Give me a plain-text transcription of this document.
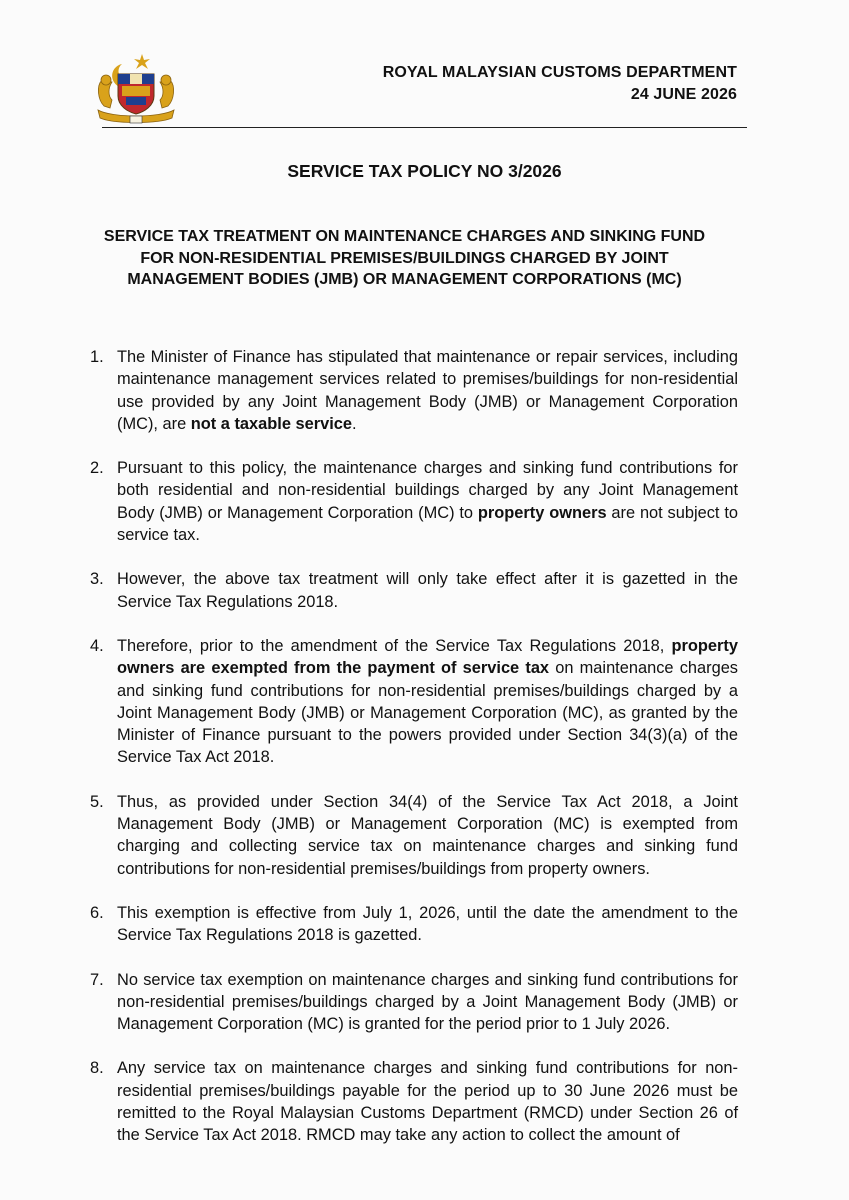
ROYAL MALAYSIAN CUSTOMS DEPARTMENT
24 JUNE 2026
SERVICE TAX POLICY NO 3/2026
SERVICE TAX TREATMENT ON MAINTENANCE CHARGES AND SINKING FUND FOR NON-RESIDENTIAL PREMISES/BUILDINGS CHARGED BY JOINT MANAGEMENT BODIES (JMB) OR MANAGEMENT CORPORATIONS (MC)
1. The Minister of Finance has stipulated that maintenance or repair services, including maintenance management services related to premises/buildings for non-residential use provided by any Joint Management Body (JMB) or Management Corporation (MC), are not a taxable service.
2. Pursuant to this policy, the maintenance charges and sinking fund contributions for both residential and non-residential buildings charged by any Joint Management Body (JMB) or Management Corporation (MC) to property owners are not subject to service tax.
3. However, the above tax treatment will only take effect after it is gazetted in the Service Tax Regulations 2018.
4. Therefore, prior to the amendment of the Service Tax Regulations 2018, property owners are exempted from the payment of service tax on maintenance charges and sinking fund contributions for non-residential premises/buildings charged by a Joint Management Body (JMB) or Management Corporation (MC), as granted by the Minister of Finance pursuant to the powers provided under Section 34(3)(a) of the Service Tax Act 2018.
5. Thus, as provided under Section 34(4) of the Service Tax Act 2018, a Joint Management Body (JMB) or Management Corporation (MC) is exempted from charging and collecting service tax on maintenance charges and sinking fund contributions for non-residential premises/buildings from property owners.
6. This exemption is effective from July 1, 2026, until the date the amendment to the Service Tax Regulations 2018 is gazetted.
7. No service tax exemption on maintenance charges and sinking fund contributions for non-residential premises/buildings charged by a Joint Management Body (JMB) or Management Corporation (MC) is granted for the period prior to 1 July 2026.
8. Any service tax on maintenance charges and sinking fund contributions for non-residential premises/buildings payable for the period up to 30 June 2026 must be remitted to the Royal Malaysian Customs Department (RMCD) under Section 26 of the Service Tax Act 2018. RMCD may take any action to collect the amount of
